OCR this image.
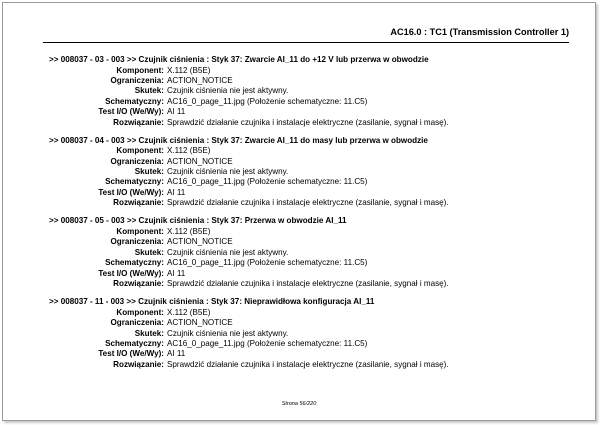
AC16.0 : TC1 (Transmission Controller 1)
>> 008037 - 03 - 003 >> Czujnik ciśnienia : Styk 37: Zwarcie AI_11 do +12 V lub przerwa w obwodzie
Komponent: X.112 (B5E)
Ograniczenia: ACTION_NOTICE
Skutek: Czujnik ciśnienia nie jest aktywny.
Schematyczny: AC16_0_page_11.jpg (Położenie schematyczne: 11.C5)
Test I/O (We/Wy): AI 11
Rozwiązanie: Sprawdzić działanie czujnika i instalacje elektryczne (zasilanie, sygnał i masę).
>> 008037 - 04 - 003 >> Czujnik ciśnienia : Styk 37: Zwarcie AI_11 do masy lub przerwa w obwodzie
Komponent: X.112 (B5E)
Ograniczenia: ACTION_NOTICE
Skutek: Czujnik ciśnienia nie jest aktywny.
Schematyczny: AC16_0_page_11.jpg (Położenie schematyczne: 11.C5)
Test I/O (We/Wy): AI 11
Rozwiązanie: Sprawdzić działanie czujnika i instalacje elektryczne (zasilanie, sygnał i masę).
>> 008037 - 05 - 003 >> Czujnik ciśnienia : Styk 37: Przerwa w obwodzie AI_11
Komponent: X.112 (B5E)
Ograniczenia: ACTION_NOTICE
Skutek: Czujnik ciśnienia nie jest aktywny.
Schematyczny: AC16_0_page_11.jpg (Położenie schematyczne: 11.C5)
Test I/O (We/Wy): AI 11
Rozwiązanie: Sprawdzić działanie czujnika i instalacje elektryczne (zasilanie, sygnał i masę).
>> 008037 - 11 - 003 >> Czujnik ciśnienia : Styk 37: Nieprawidłowa konfiguracja AI_11
Komponent: X.112 (B5E)
Ograniczenia: ACTION_NOTICE
Skutek: Czujnik ciśnienia nie jest aktywny.
Schematyczny: AC16_0_page_11.jpg (Położenie schematyczne: 11.C5)
Test I/O (We/Wy): AI 11
Rozwiązanie: Sprawdzić działanie czujnika i instalacje elektryczne (zasilanie, sygnał i masę).
Strona 56/220
